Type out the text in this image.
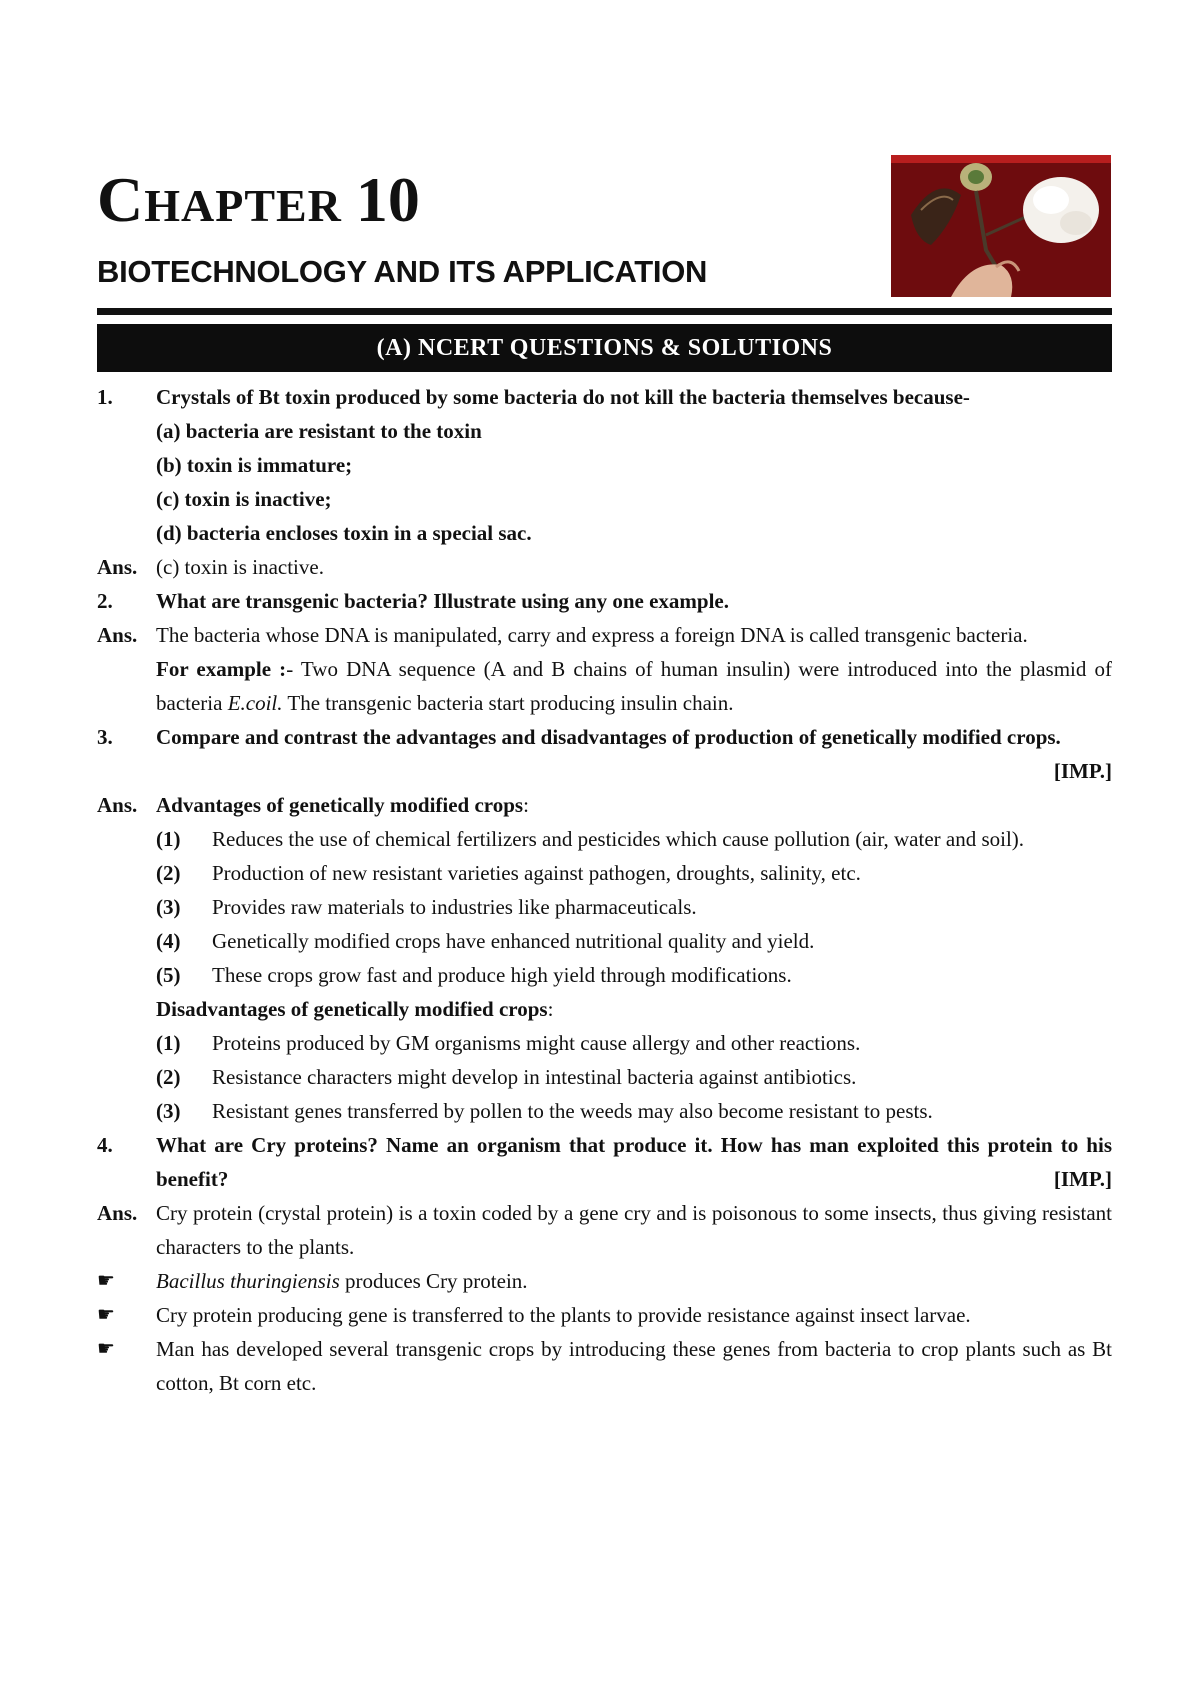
CHAPTER 10
BIOTECHNOLOGY AND ITS APPLICATION
(A) NCERT QUESTIONS & SOLUTIONS
1.	Crystals of Bt toxin produced by some bacteria do not kill the bacteria themselves because-
(a) bacteria are resistant to the toxin
(b) toxin is immature;
(c) toxin is inactive;
(d) bacteria encloses toxin in a special sac.
Ans. (c) toxin is inactive.
2.	What are transgenic bacteria? Illustrate using any one example.
Ans. The bacteria whose DNA is manipulated, carry and express a foreign DNA is called transgenic bacteria.
For example :- Two DNA sequence (A and B chains of human insulin) were introduced into the plasmid of bacteria E.coil. The transgenic bacteria start producing insulin chain.
3.	Compare and contrast the advantages and disadvantages of production of genetically modified crops.
[IMP.]
Ans. Advantages of genetically modified crops:
(1)	Reduces the use of chemical fertilizers and pesticides which cause pollution (air, water and soil).
(2)	Production of new resistant varieties against pathogen, droughts, salinity, etc.
(3)	Provides raw materials to industries like pharmaceuticals.
(4)	Genetically modified crops have enhanced nutritional quality and yield.
(5)	These crops grow fast and produce high yield through modifications.
Disadvantages of genetically modified crops:
(1)	Proteins produced by GM organisms might cause allergy and other reactions.
(2)	Resistance characters might develop in intestinal bacteria against antibiotics.
(3)	Resistant genes transferred by pollen to the weeds may also become resistant to pests.
4.	What are Cry proteins? Name an organism that produce it. How has man exploited this protein to his benefit?	[IMP.]
Ans. Cry protein (crystal protein) is a toxin coded by a gene cry and is poisonous to some insects, thus giving resistant characters to the plants.
☛	Bacillus thuringiensis produces Cry protein.
☛	Cry protein producing gene is transferred to the plants to provide resistance against insect larvae.
☛	Man has developed several transgenic crops by introducing these genes from bacteria to crop plants such as Bt cotton, Bt corn etc.
